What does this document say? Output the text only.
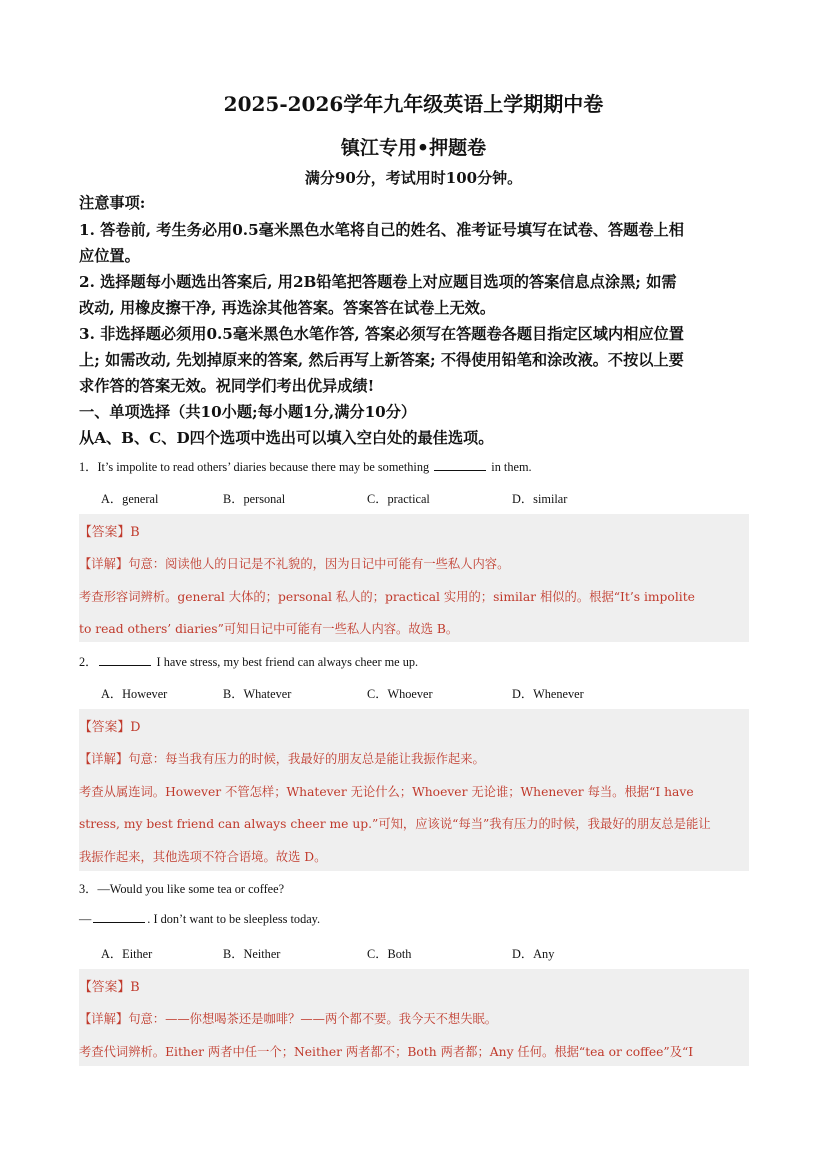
2025-2026学年九年级英语上学期期中卷
镇江专用•押题卷
满分90分，考试用时100分钟。
注意事项:
1. 答卷前, 考生务必用0.5毫米黑色水笔将自己的姓名、准考证号填写在试卷、答题卷上相
应位置。
2. 选择题每小题选出答案后, 用2B铅笔把答题卷上对应题目选项的答案信息点涂黑; 如需
改动, 用橡皮擦干净, 再选涂其他答案。答案答在试卷上无效。
3. 非选择题必须用0.5毫米黑色水笔作答, 答案必须写在答题卷各题目指定区域内相应位置
上; 如需改动, 先划掉原来的答案, 然后再写上新答案; 不得使用铅笔和涂改液。不按以上要
求作答的答案无效。祝同学们考出优异成绩!
一、单项选择（共10小题;每小题1分,满分10分）
从A、B、C、D四个选项中选出可以填入空白处的最佳选项。
1．It’s impolite to read others’ diaries because there may be something	in them.
A．general	B．personal	C．practical	D．similar
【答案】B
【详解】句意：阅读他人的日记是不礼貌的，因为日记中可能有一些私人内容。
考查形容词辨析。general 大体的；personal 私人的；practical 实用的；similar 相似的。根据“It’s impolite
to read others’ diaries”可知日记中可能有一些私人内容。故选 B。
2．	I have stress, my best friend can always cheer me up.
A．However	B．Whatever	C．Whoever	D．Whenever
【答案】D
【详解】句意：每当我有压力的时候，我最好的朋友总是能让我振作起来。
考查从属连词。However 不管怎样；Whatever 无论什么；Whoever 无论谁；Whenever 每当。根据“I have
stress, my best friend can always cheer me up.”可知，应该说“每当”我有压力的时候，我最好的朋友总是能让
我振作起来，其他选项不符合语境。故选 D。
3．—Would you like some tea or coffee?
—	. I don’t want to be sleepless today.
A．Either	B．Neither	C．Both	D．Any
【答案】B
【详解】句意：——你想喝茶还是咖啡？——两个都不要。我今天不想失眠。
考查代词辨析。Either 两者中任一个；Neither 两者都不；Both 两者都；Any 任何。根据“tea or coffee”及“I
